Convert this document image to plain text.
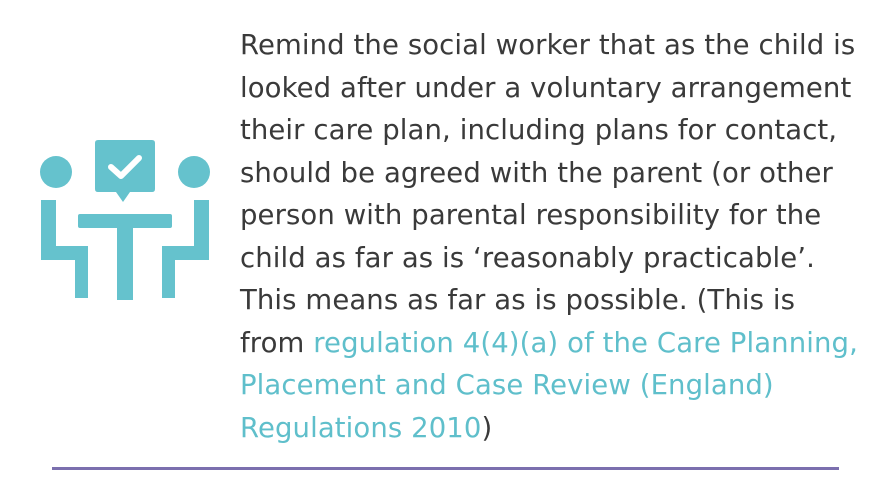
Remind the social worker that as the child is looked after under a voluntary arrangement their care plan, including plans for contact, should be agreed with the parent (or other person with parental responsibility for the child as far as is ‘reasonably practicable’. This means as far as is possible. (This is from regulation 4(4)(a) of the Care Planning, Placement and Case Review (England) Regulations 2010)
